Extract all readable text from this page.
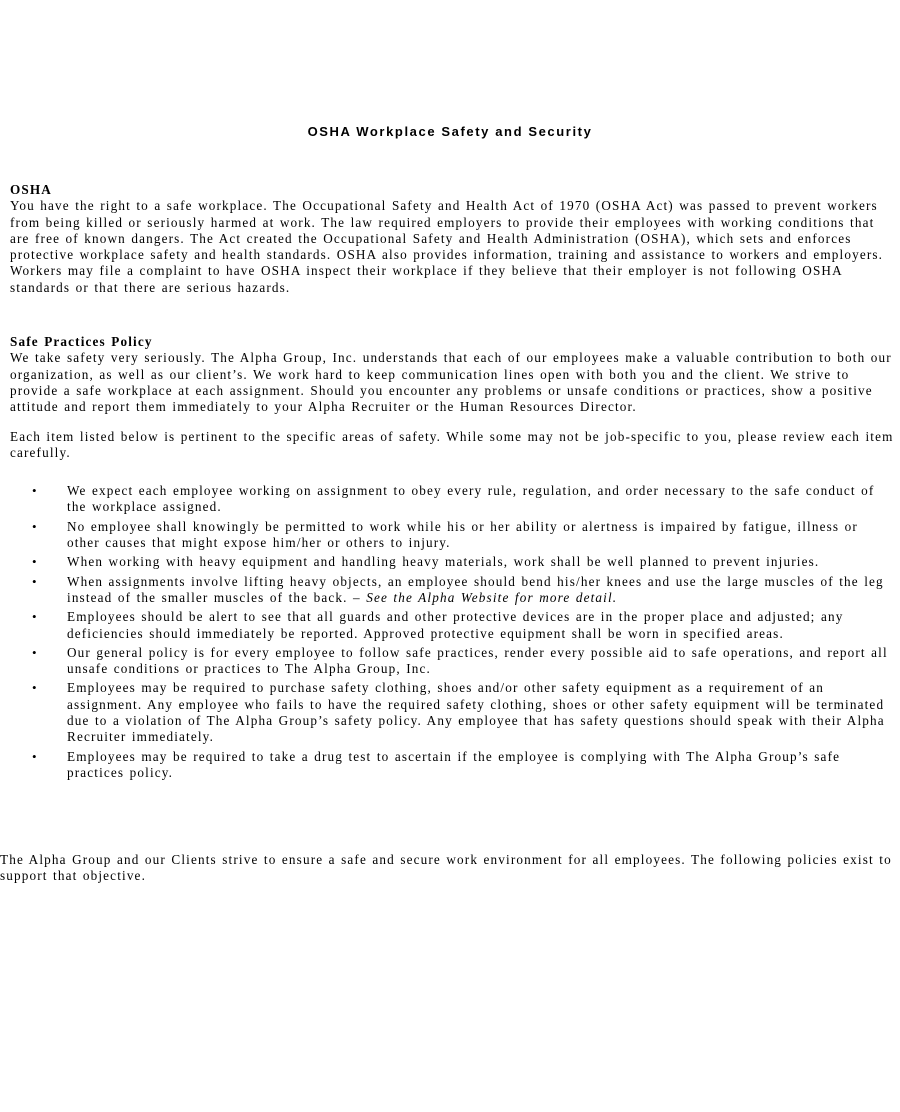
OSHA Workplace Safety and Security
OSHA

You have the right to a safe workplace. The Occupational Safety and Health Act of 1970 (OSHA Act) was passed to prevent workers from being killed or seriously harmed at work. The law required employers to provide their employees with working conditions that are free of known dangers. The Act created the Occupational Safety and Health Administration (OSHA), which sets and enforces protective workplace safety and health standards. OSHA also provides information, training and assistance to workers and employers. Workers may file a complaint to have OSHA inspect their workplace if they believe that their employer is not following OSHA standards or that there are serious hazards.

Safe Practices Policy

We take safety very seriously. The Alpha Group, Inc. understands that each of our employees make a valuable contribution to both our organization, as well as our client’s. We work hard to keep communication lines open with both you and the client. We strive to provide a safe workplace at each assignment. Should you encounter any problems or unsafe conditions or practices, show a positive attitude and report them immediately to your Alpha Recruiter or the Human Resources Director.

Each item listed below is pertinent to the specific areas of safety. While some may not be job-specific to you, please review each item carefully.

• We expect each employee working on assignment to obey every rule, regulation, and order necessary to the safe conduct of the workplace assigned.
• No employee shall knowingly be permitted to work while his or her ability or alertness is impaired by fatigue, illness or other causes that might expose him/her or others to injury.
• When working with heavy equipment and handling heavy materials, work shall be well planned to prevent injuries.
• When assignments involve lifting heavy objects, an employee should bend his/her knees and use the large muscles of the leg instead of the smaller muscles of the back. – See the Alpha Website for more detail.
• Employees should be alert to see that all guards and other protective devices are in the proper place and adjusted; any deficiencies should immediately be reported. Approved protective equipment shall be worn in specified areas.
• Our general policy is for every employee to follow safe practices, render every possible aid to safe operations, and report all unsafe conditions or practices to The Alpha Group, Inc.
• Employees may be required to purchase safety clothing, shoes and/or other safety equipment as a requirement of an assignment. Any employee who fails to have the required safety clothing, shoes or other safety equipment will be terminated due to a violation of The Alpha Group’s safety policy. Any employee that has safety questions should speak with their Alpha Recruiter immediately.
• Employees may be required to take a drug test to ascertain if the employee is complying with The Alpha Group’s safe practices policy.

The Alpha Group and our Clients strive to ensure a safe and secure work environment for all employees. The following policies exist to support that objective.
